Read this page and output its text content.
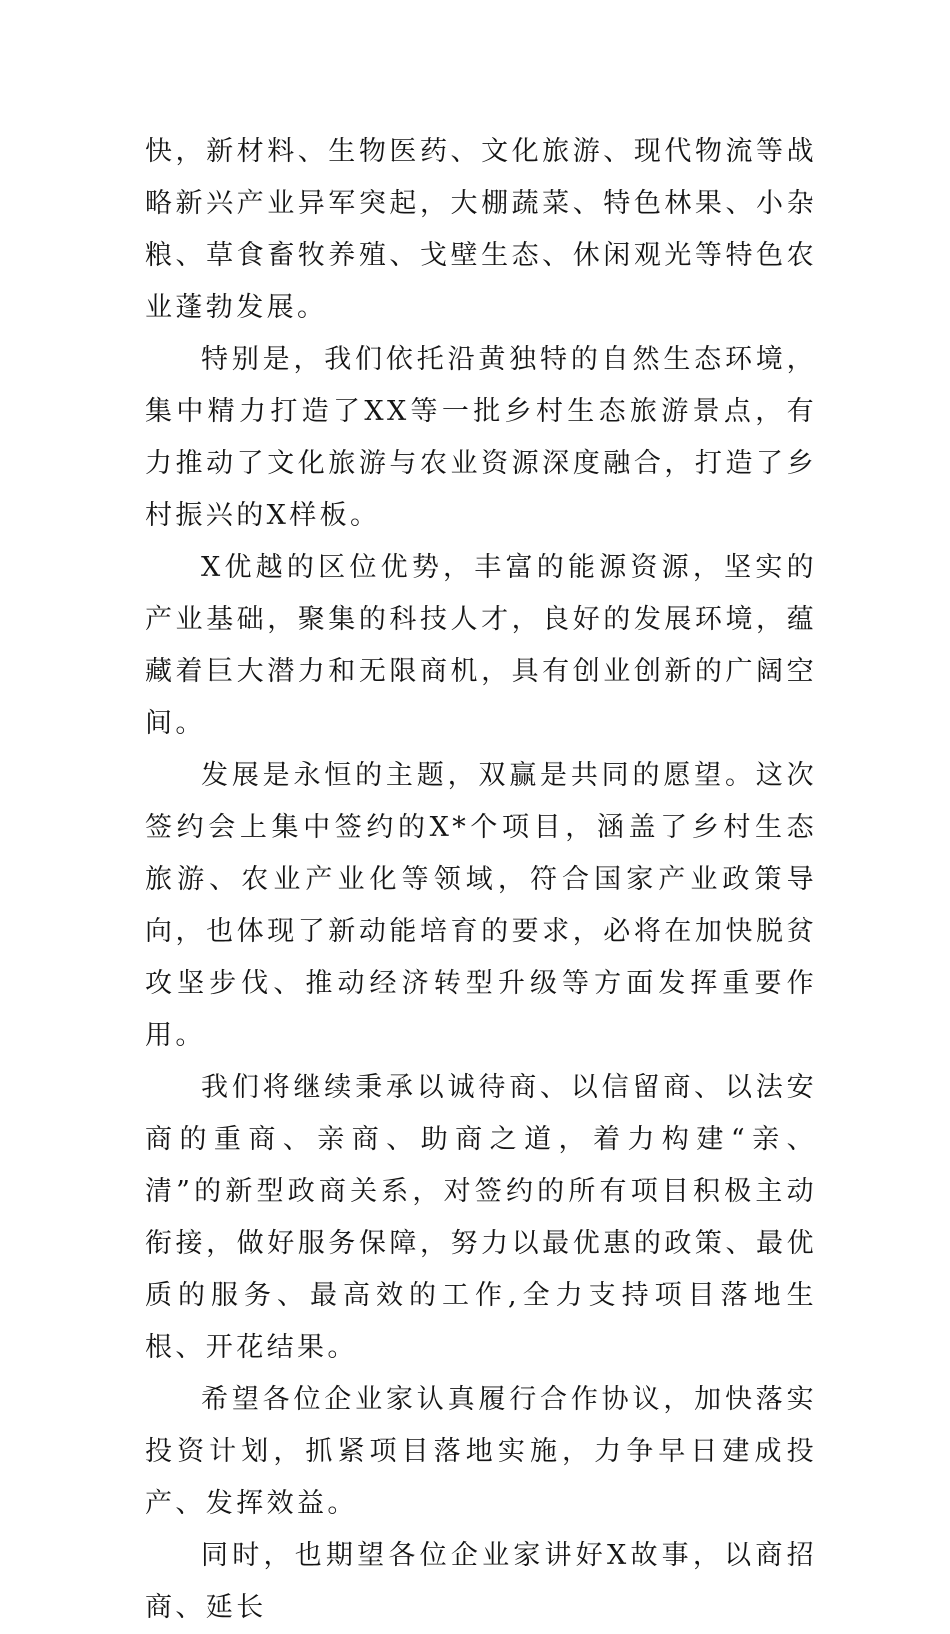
快，新材料、生物医药、文化旅游、现代物流等战略新兴产业异军突起，大棚蔬菜、特色林果、小杂粮、草食畜牧养殖、戈壁生态、休闲观光等特色农业蓬勃发展。

特别是，我们依托沿黄独特的自然生态环境，集中精力打造了XX等一批乡村生态旅游景点，有力推动了文化旅游与农业资源深度融合，打造了乡村振兴的X样板。

X优越的区位优势，丰富的能源资源，坚实的产业基础，聚集的科技人才，良好的发展环境，蕴藏着巨大潜力和无限商机，具有创业创新的广阔空间。

发展是永恒的主题，双赢是共同的愿望。这次签约会上集中签约的X*个项目，涵盖了乡村生态旅游、农业产业化等领域，符合国家产业政策导向，也体现了新动能培育的要求，必将在加快脱贫攻坚步伐、推动经济转型升级等方面发挥重要作用。

我们将继续秉承以诚待商、以信留商、以法安商的重商、亲商、助商之道，着力构建“亲、清”的新型政商关系，对签约的所有项目积极主动衔接，做好服务保障，努力以最优惠的政策、最优质的服务、最高效的工作,全力支持项目落地生根、开花结果。

希望各位企业家认真履行合作协议，加快落实投资计划，抓紧项目落地实施，力争早日建成投产、发挥效益。

同时，也期望各位企业家讲好X故事，以商招商、延长
